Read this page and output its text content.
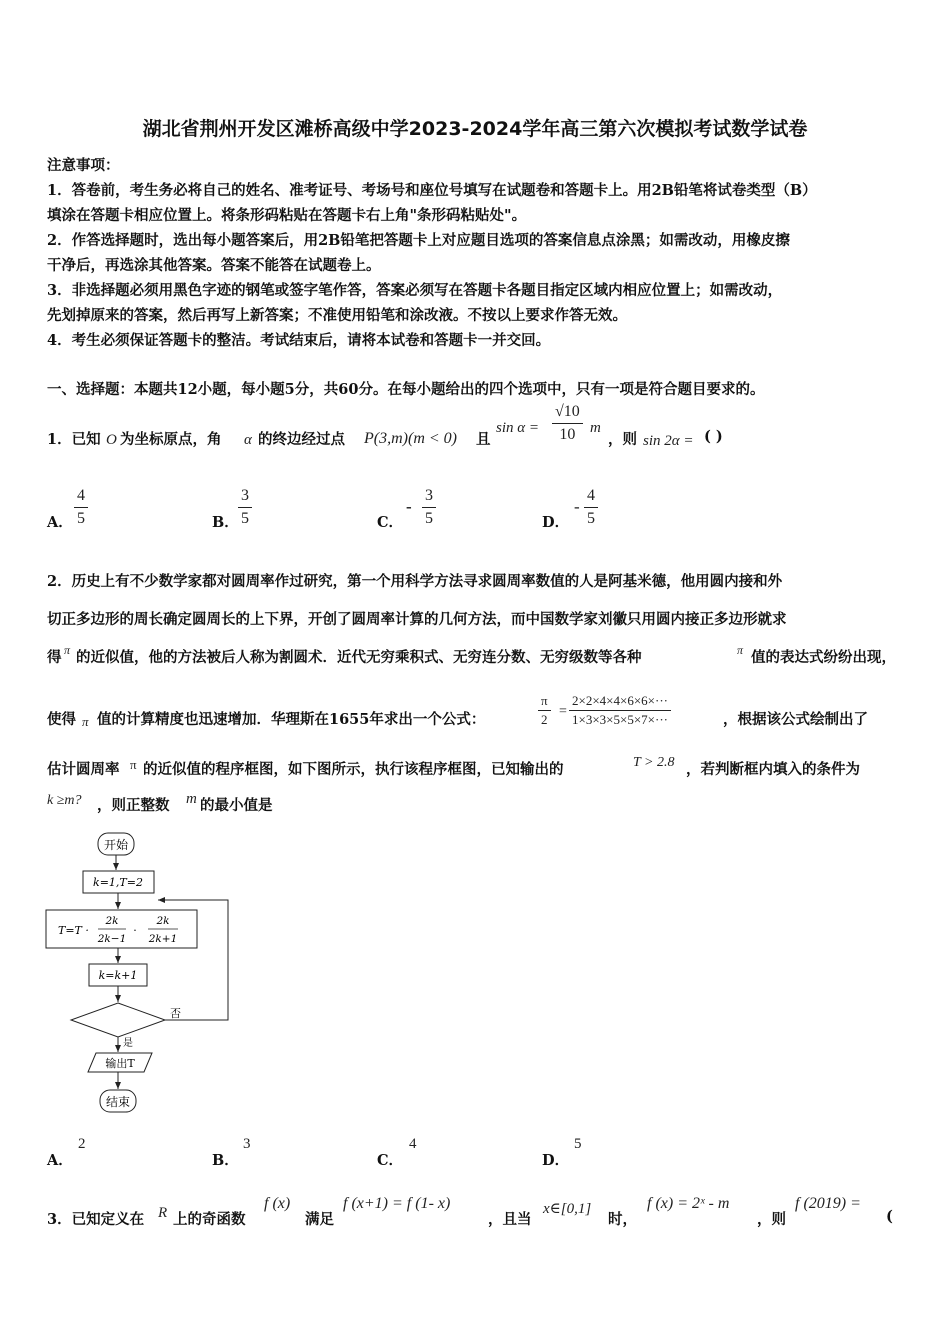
湖北省荆州开发区滩桥高级中学2023-2024学年高三第六次模拟考试数学试卷
注意事项：
1．答卷前，考生务必将自己的姓名、准考证号、考场号和座位号填写在试题卷和答题卡上。用2B铅笔将试卷类型（B）
填涂在答题卡相应位置上。将条形码粘贴在答题卡右上角"条形码粘贴处"。
2．作答选择题时，选出每小题答案后，用2B铅笔把答题卡上对应题目选项的答案信息点涂黑；如需改动，用橡皮擦
干净后，再选涂其他答案。答案不能答在试题卷上。
3．非选择题必须用黑色字迹的钢笔或签字笔作答，答案必须写在答题卡各题目指定区域内相应位置上；如需改动，
先划掉原来的答案，然后再写上新答案；不准使用铅笔和涂改液。不按以上要求作答无效。
4．考生必须保证答题卡的整洁。考试结束后，请将本试卷和答题卡一并交回。
一、选择题：本题共12小题，每小题5分，共60分。在每小题给出的四个选项中，只有一项是符合题目要求的。
1．已知 O 为坐标原点，角 α 的终边经过点 P(3,m)(m < 0) 且
$\sin \alpha = \frac{√10}{10}$ m
，则 sin 2α = ( )
A． $\frac{4}{5}$	B． $\frac{3}{5}$	C．
- $\frac{3}{5}$	D．
- $\frac{4}{5}$
2．历史上有不少数学家都对圆周率作过研究，第一个用科学方法寻求圆周率数值的人是阿基米德，他用圆内接和外
切正多边形的周长确定圆周长的上下界，开创了圆周率计算的几何方法，而中国数学家刘徽只用圆内接正多边形就求
得 π 的近似值，他的方法被后人称为割圆术．近代无穷乘积式、无穷连分数、无穷级数等各种	π 值的表达式纷纷出现，
使得 π 值的计算精度也迅速增加．华理斯在1655年求出一个公式：	$\frac{\pi}{2} = \frac{2\times 2\times 4\times 4\times 6\times 6\times\cdot\cdot\cdot}{1\times 3\times 3\times 5\times 5\times 7\times\cdot\cdot\cdot}$	，根据该公式绘制出了
估计圆周率 π 的近似值的程序框图，如下图所示，执行该程序框图，已知输出的	T > 2.8 ，若判断框内填入的条件为
k ≥m? ，则正整数 m 的最小值是
开始
k=1,T=2
T=T ·
2k
2k−1
·
2k
2k+1
k=k+1
否
是
输出T
结束
A．
2
B．
3
C．
4
D．
5
3．已知定义在 R 上的奇函数
f (x)
满足
f (x+1) = f (1- x)
，且当
x∈[0,1]
时，
f (x) = 2ˣ - m
，则
f (2019) =
(
